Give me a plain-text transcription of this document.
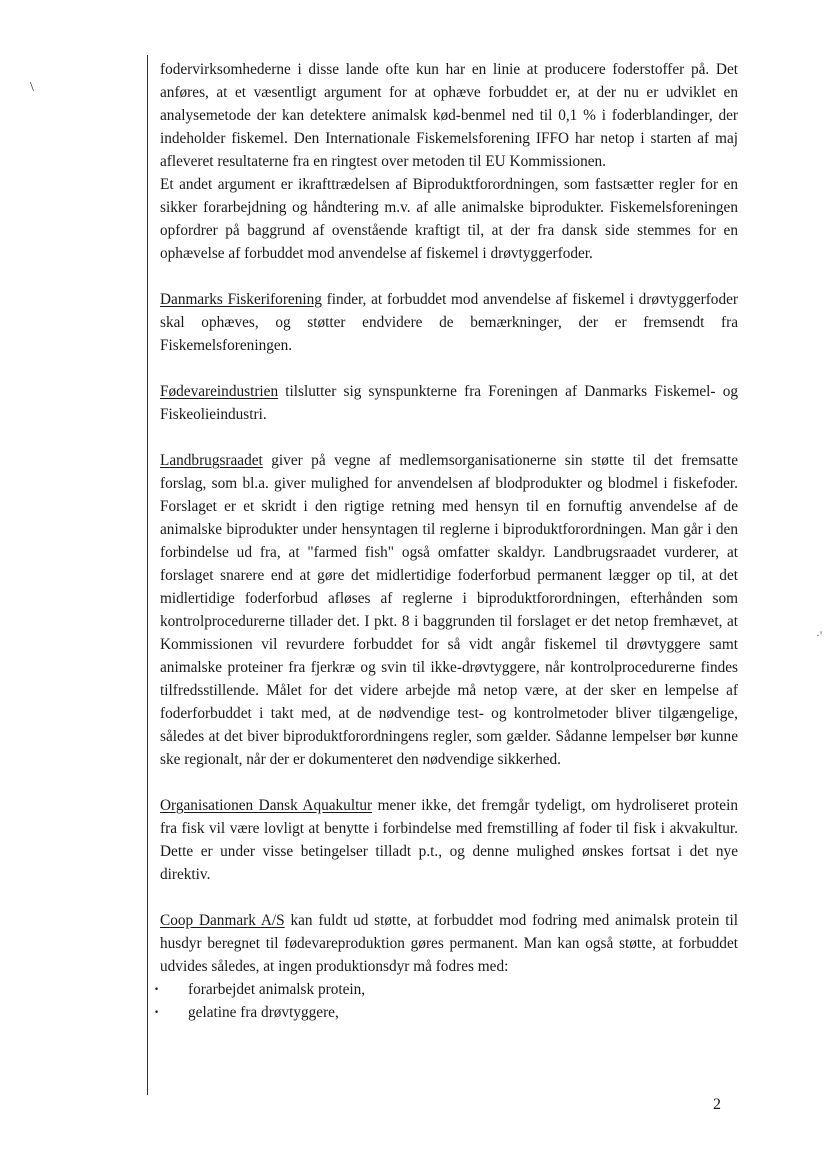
\
·'

fodervirksomhederne i disse lande ofte kun har en linie at producere foderstoffer på. Det anføres, at et væsentligt argument for at ophæve forbuddet er, at der nu er udviklet en analysemetode der kan detektere animalsk kød-benmel ned til 0,1 % i foderblandinger, der indeholder fiskemel. Den Internationale Fiskemelsforening IFFO har netop i starten af maj afleveret resultaterne fra en ringtest over metoden til EU Kommissionen.

Et andet argument er ikrafttrædelsen af Biproduktforordningen, som fastsætter regler for en sikker forarbejdning og håndtering m.v. af alle animalske biprodukter. Fiskemelsforeningen opfordrer på baggrund af ovenstående kraftigt til, at der fra dansk side stemmes for en ophævelse af forbuddet mod anvendelse af fiskemel i drøvtyggerfoder.

Danmarks Fiskeriforening finder, at forbuddet mod anvendelse af fiskemel i drøvtyggerfoder skal ophæves, og støtter endvidere de bemærkninger, der er fremsendt fra Fiskemelsforeningen.

Fødevareindustrien tilslutter sig synspunkterne fra Foreningen af Danmarks Fiskemel- og Fiskeolieindustri.

Landbrugsraadet giver på vegne af medlemsorganisationerne sin støtte til det fremsatte forslag, som bl.a. giver mulighed for anvendelsen af blodprodukter og blodmel i fiskefoder. Forslaget er et skridt i den rigtige retning med hensyn til en fornuftig anvendelse af de animalske biprodukter under hensyntagen til reglerne i biproduktforordningen. Man går i den forbindelse ud fra, at "farmed fish" også omfatter skaldyr. Landbrugsraadet vurderer, at forslaget snarere end at gøre det midlertidige foderforbud permanent lægger op til, at det midlertidige foderforbud afløses af reglerne i biproduktforordningen, efterhånden som kontrolprocedurerne tillader det. I pkt. 8 i baggrunden til forslaget er det netop fremhævet, at Kommissionen vil revurdere forbuddet for så vidt angår fiskemel til drøvtyggere samt animalske proteiner fra fjerkræ og svin til ikke-drøvtyggere, når kontrolprocedurerne findes tilfredsstillende. Målet for det videre arbejde må netop være, at der sker en lempelse af foderforbuddet i takt med, at de nødvendige test- og kontrolmetoder bliver tilgængelige, således at det biver biproduktforordningens regler, som gælder. Sådanne lempelser bør kunne ske regionalt, når der er dokumenteret den nødvendige sikkerhed.

Organisationen Dansk Aquakultur mener ikke, det fremgår tydeligt, om hydroliseret protein fra fisk vil være lovligt at benytte i forbindelse med fremstilling af foder til fisk i akvakultur. Dette er under visse betingelser tilladt p.t., og denne mulighed ønskes fortsat i det nye direktiv.

Coop Danmark A/S kan fuldt ud støtte, at forbuddet mod fodring med animalsk protein til husdyr beregnet til fødevareproduktion gøres permanent. Man kan også støtte, at forbuddet udvides således, at ingen produktionsdyr må fodres med:

· forarbejdet animalsk protein,
· gelatine fra drøvtyggere,
2
